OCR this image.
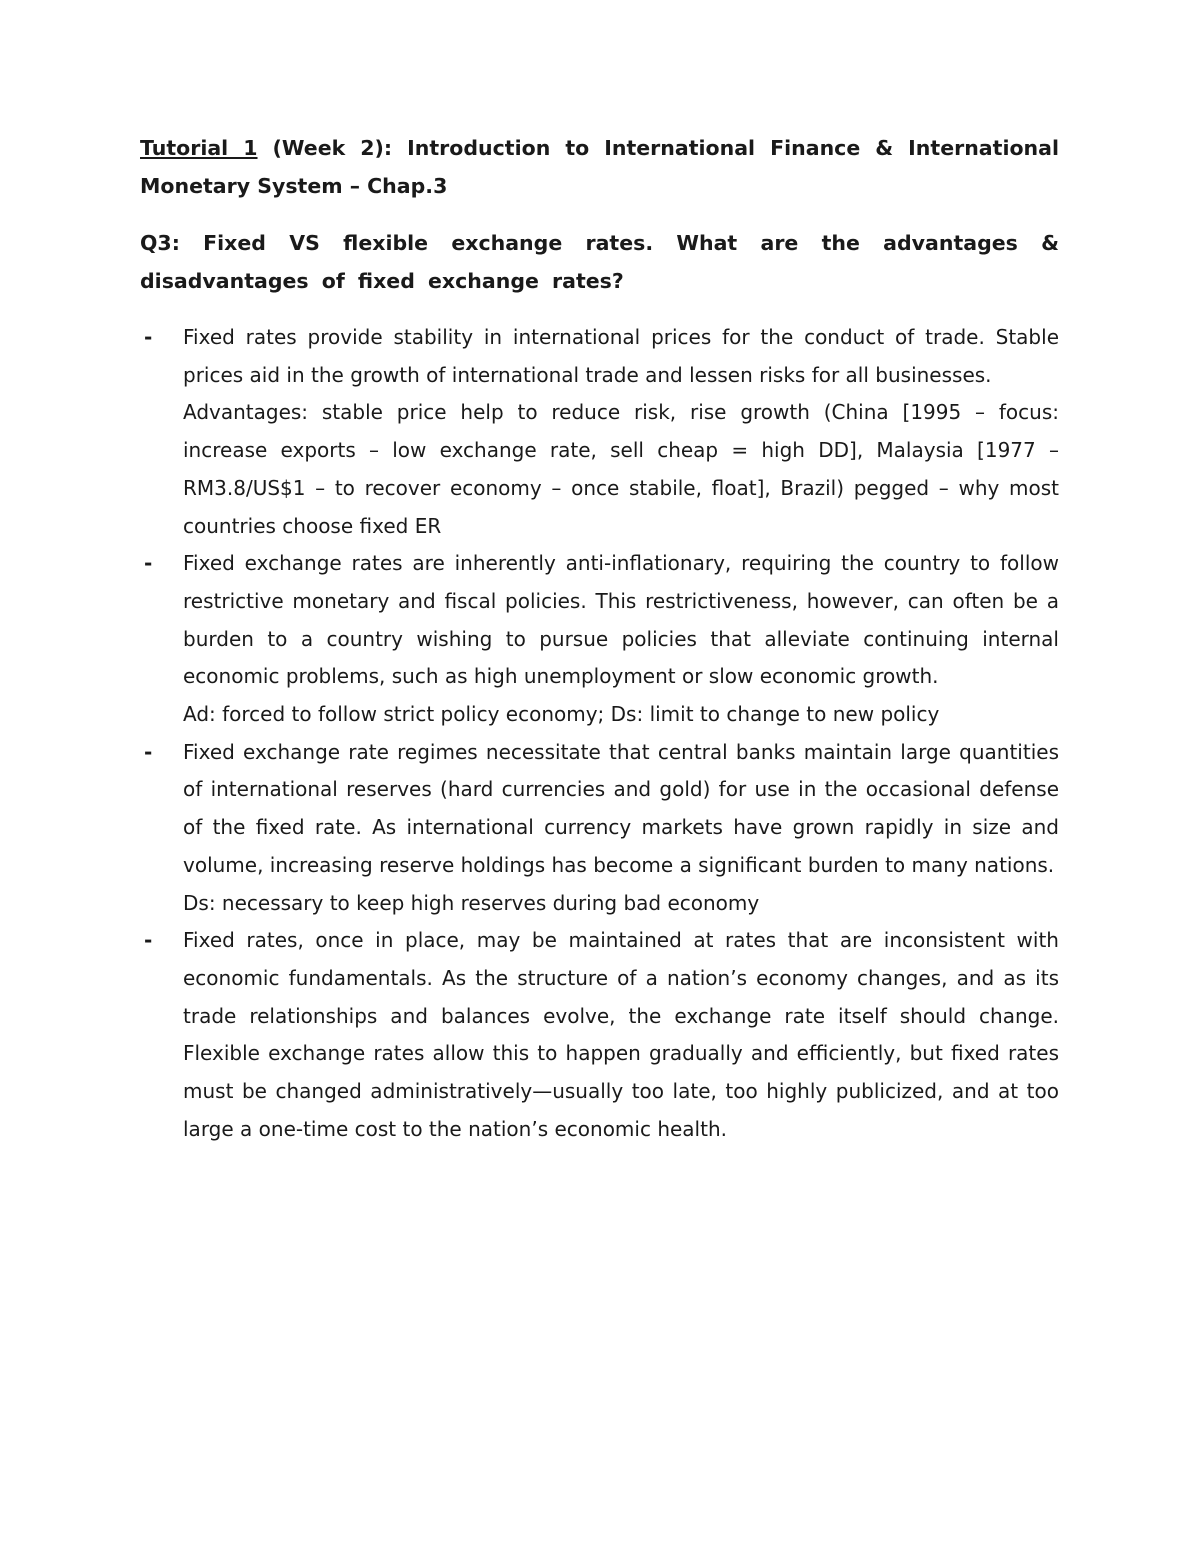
Tutorial 1 (Week 2): Introduction to International Finance & International Monetary System – Chap.3

Q3: Fixed VS flexible exchange rates. What are the advantages & disadvantages of fixed exchange rates?

- Fixed rates provide stability in international prices for the conduct of trade. Stable prices aid in the growth of international trade and lessen risks for all businesses.

Advantages: stable price help to reduce risk, rise growth (China [1995 – focus: increase exports – low exchange rate, sell cheap = high DD], Malaysia [1977 – RM3.8/US$1 – to recover economy – once stabile, float], Brazil) pegged – why most countries choose fixed ER

- Fixed exchange rates are inherently anti-inflationary, requiring the country to follow restrictive monetary and fiscal policies. This restrictiveness, however, can often be a burden to a country wishing to pursue policies that alleviate continuing internal economic problems, such as high unemployment or slow economic growth.

Ad: forced to follow strict policy economy; Ds: limit to change to new policy

- Fixed exchange rate regimes necessitate that central banks maintain large quantities of international reserves (hard currencies and gold) for use in the occasional defense of the fixed rate. As international currency markets have grown rapidly in size and volume, increasing reserve holdings has become a significant burden to many nations.

Ds: necessary to keep high reserves during bad economy

- Fixed rates, once in place, may be maintained at rates that are inconsistent with economic fundamentals. As the structure of a nation’s economy changes, and as its trade relationships and balances evolve, the exchange rate itself should change. Flexible exchange rates allow this to happen gradually and efficiently, but fixed rates must be changed administratively—usually too late, too highly publicized, and at too large a one-time cost to the nation’s economic health.
